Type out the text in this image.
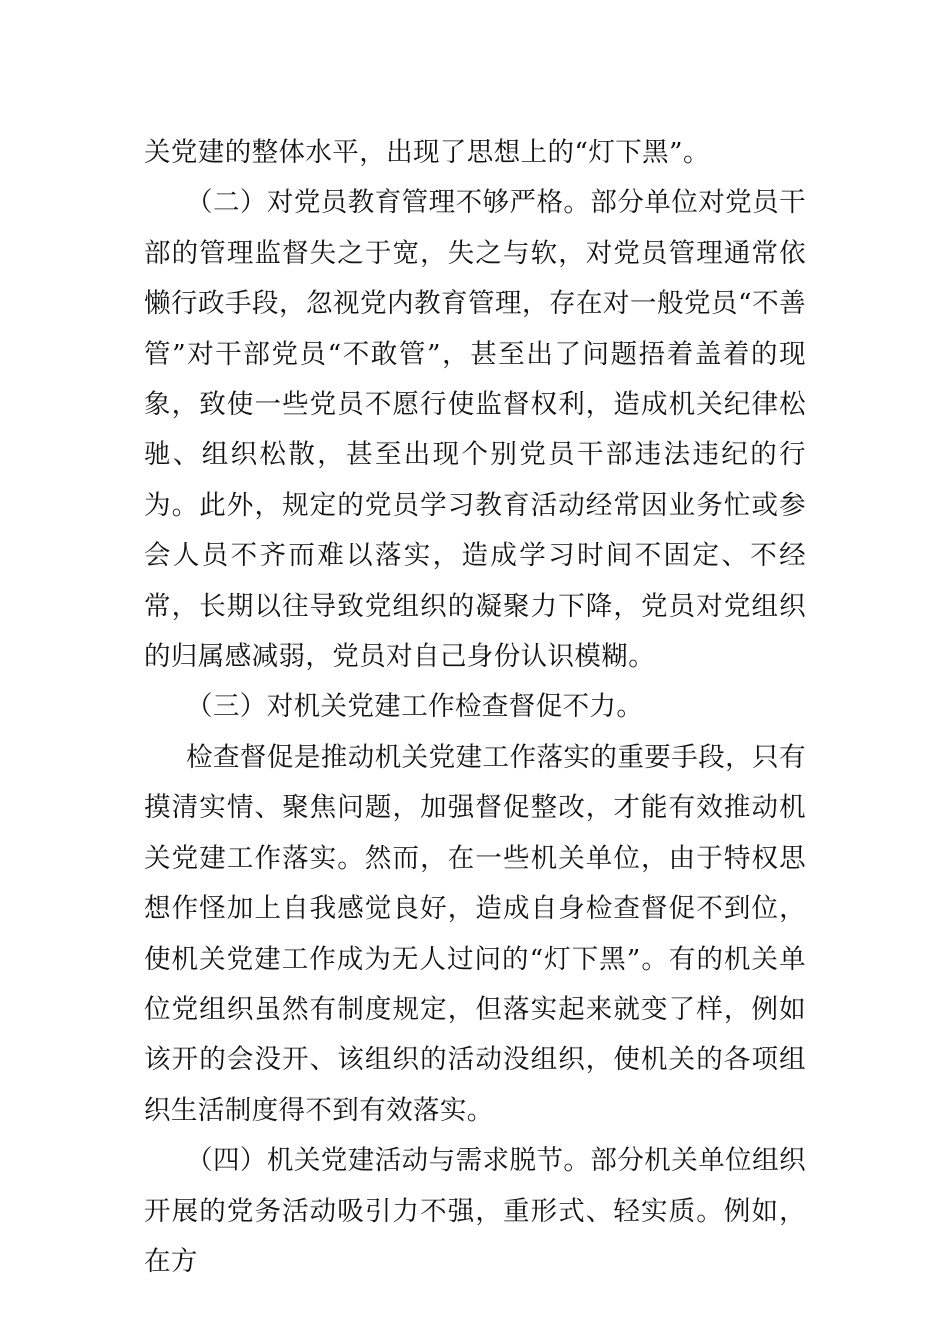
关党建的整体水平，出现了思想上的“灯下黑”。

（二）对党员教育管理不够严格。部分单位对党员干部的管理监督失之于宽，失之与软，对党员管理通常依懒行政手段，忽视党内教育管理，存在对一般党员“不善管”对干部党员“不敢管”，甚至出了问题捂着盖着的现象，致使一些党员不愿行使监督权利，造成机关纪律松驰、组织松散，甚至出现个别党员干部违法违纪的行为。此外，规定的党员学习教育活动经常因业务忙或参会人员不齐而难以落实，造成学习时间不固定、不经常，长期以往导致党组织的凝聚力下降，党员对党组织的归属感减弱，党员对自己身份认识模糊。

（三）对机关党建工作检查督促不力。

检查督促是推动机关党建工作落实的重要手段，只有摸清实情、聚焦问题，加强督促整改，才能有效推动机关党建工作落实。然而，在一些机关单位，由于特权思想作怪加上自我感觉良好，造成自身检查督促不到位，使机关党建工作成为无人过问的“灯下黑”。有的机关单位党组织虽然有制度规定，但落实起来就变了样，例如该开的会没开、该组织的活动没组织，使机关的各项组织生活制度得不到有效落实。

（四）机关党建活动与需求脱节。部分机关单位组织开展的党务活动吸引力不强，重形式、轻实质。例如，在方
